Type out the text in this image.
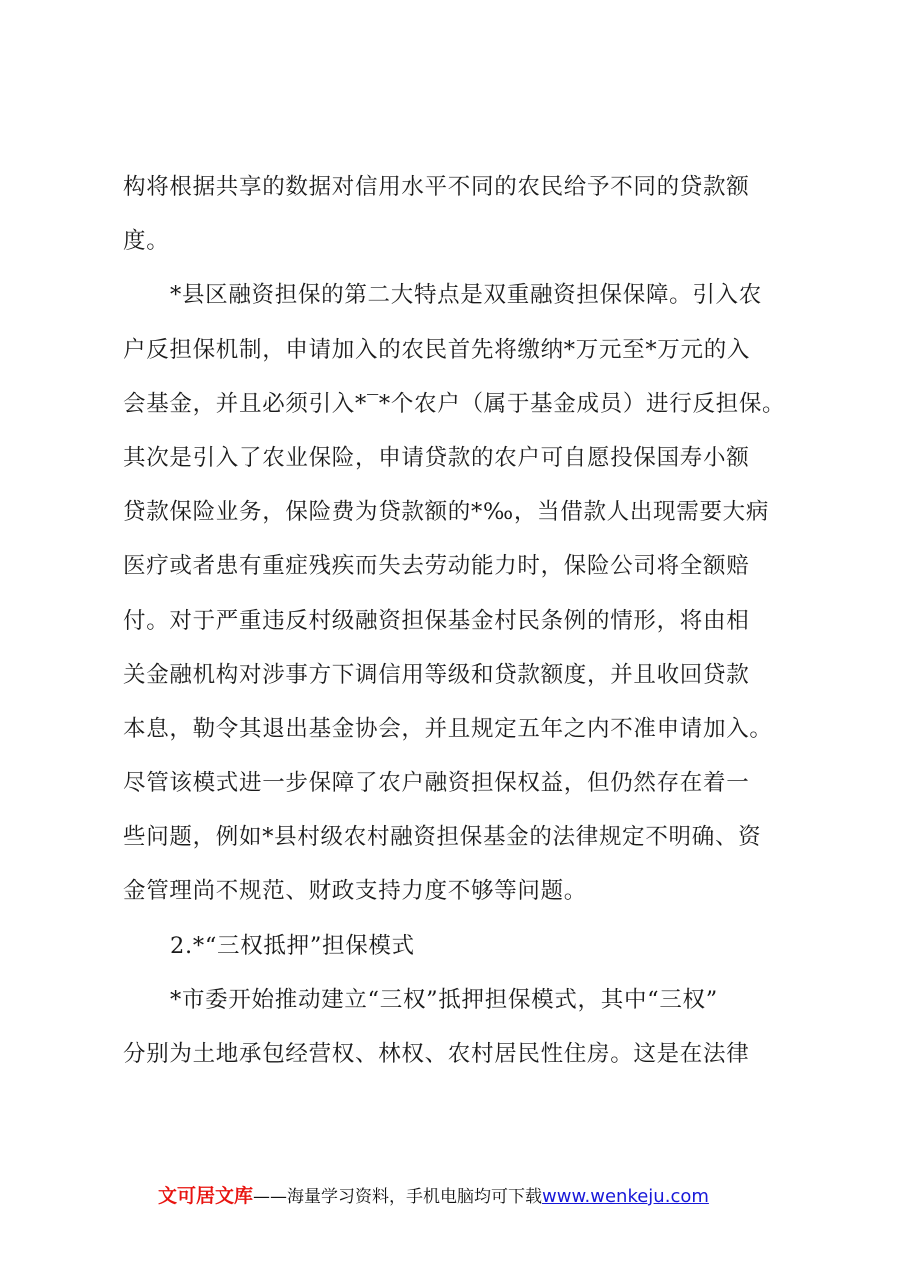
构将根据共享的数据对信用水平不同的农民给予不同的贷款额
度。
*县区融资担保的第二大特点是双重融资担保保障。引入农
户反担保机制，申请加入的农民首先将缴纳*万元至*万元的入
会基金，并且必须引入*‾*个农户（属于基金成员）进行反担保。
其次是引入了农业保险，申请贷款的农户可自愿投保国寿小额
贷款保险业务，保险费为贷款额的*‰，当借款人出现需要大病
医疗或者患有重症残疾而失去劳动能力时，保险公司将全额赔
付。对于严重违反村级融资担保基金村民条例的情形，将由相
关金融机构对涉事方下调信用等级和贷款额度，并且收回贷款
本息，勒令其退出基金协会，并且规定五年之内不准申请加入。
尽管该模式进一步保障了农户融资担保权益，但仍然存在着一
些问题，例如*县村级农村融资担保基金的法律规定不明确、资
金管理尚不规范、财政支持力度不够等问题。
2.*“三权抵押”担保模式
*市委开始推动建立“三权”抵押担保模式，其中“三权”
分别为土地承包经营权、林权、农村居民性住房。这是在法律
文可居文库——海量学习资料，手机电脑均可下载www.wenkeju.com
